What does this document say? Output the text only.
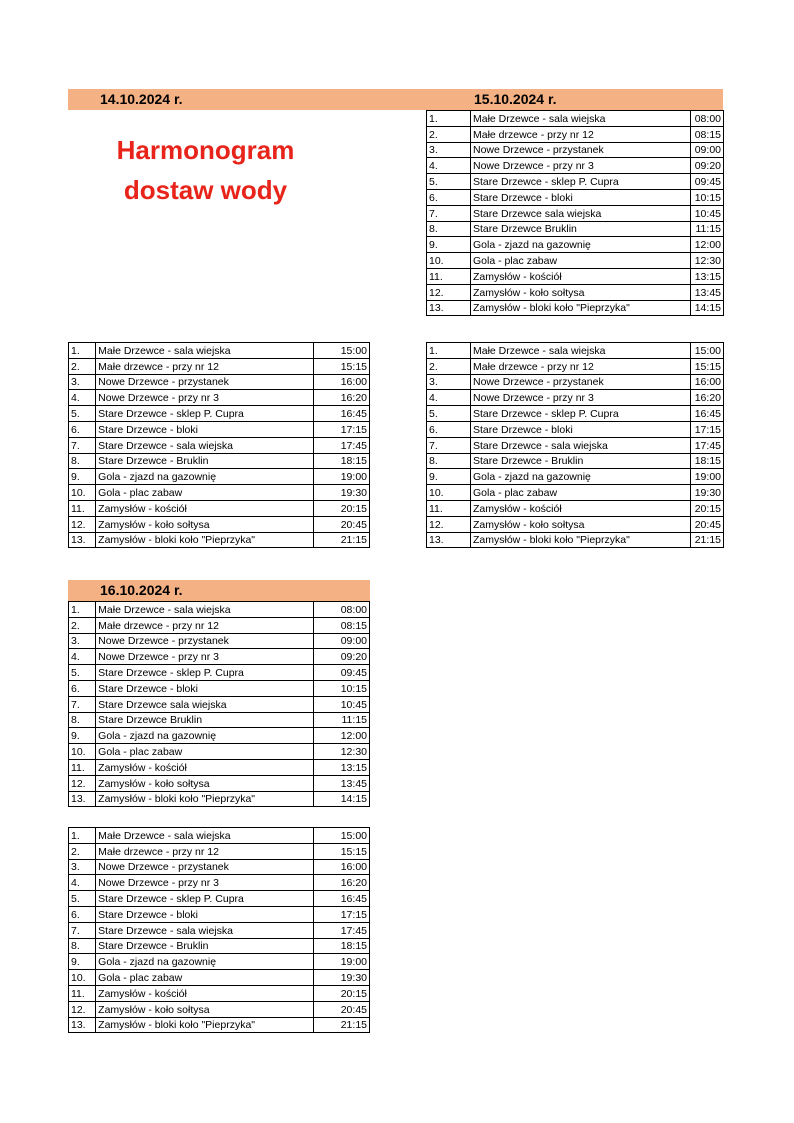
14.10.2024 r.	15.10.2024 r.
Harmonogram
dostaw wody
1.	Małe Drzewce - sala wiejska	08:00
2.	Małe drzewce - przy nr 12	08:15
3.	Nowe Drzewce - przystanek	09:00
4.	Nowe Drzewce - przy nr 3	09:20
5.	Stare Drzewce - sklep P. Cupra	09:45
6.	Stare Drzewce - bloki	10:15
7.	Stare Drzewce sala wiejska	10:45
8.	Stare Drzewce Bruklin	11:15
9.	Gola - zjazd na gazownię	12:00
10.	Gola - plac zabaw	12:30
11.	Zamysłów - kościół	13:15
12.	Zamysłów - koło sołtysa	13:45
13.	Zamysłów - bloki koło "Pieprzyka"	14:15
1.	Małe Drzewce - sala wiejska	15:00
2.	Małe drzewce - przy nr 12	15:15
3.	Nowe Drzewce - przystanek	16:00
4.	Nowe Drzewce - przy nr 3	16:20
5.	Stare Drzewce - sklep P. Cupra	16:45
6.	Stare Drzewce - bloki	17:15
7.	Stare Drzewce - sala wiejska	17:45
8.	Stare Drzewce - Bruklin	18:15
9.	Gola - zjazd na gazownię	19:00
10.	Gola - plac zabaw	19:30
11.	Zamysłów - kościół	20:15
12.	Zamysłów - koło sołtysa	20:45
13.	Zamysłów - bloki koło "Pieprzyka"	21:15
1.	Małe Drzewce - sala wiejska	15:00
2.	Małe drzewce - przy nr 12	15:15
3.	Nowe Drzewce - przystanek	16:00
4.	Nowe Drzewce - przy nr 3	16:20
5.	Stare Drzewce - sklep P. Cupra	16:45
6.	Stare Drzewce - bloki	17:15
7.	Stare Drzewce - sala wiejska	17:45
8.	Stare Drzewce - Bruklin	18:15
9.	Gola - zjazd na gazownię	19:00
10.	Gola - plac zabaw	19:30
11.	Zamysłów - kościół	20:15
12.	Zamysłów - koło sołtysa	20:45
13.	Zamysłów - bloki koło "Pieprzyka"	21:15
16.10.2024 r.
1.	Małe Drzewce - sala wiejska	08:00
2.	Małe drzewce - przy nr 12	08:15
3.	Nowe Drzewce - przystanek	09:00
4.	Nowe Drzewce - przy nr 3	09:20
5.	Stare Drzewce - sklep P. Cupra	09:45
6.	Stare Drzewce - bloki	10:15
7.	Stare Drzewce sala wiejska	10:45
8.	Stare Drzewce Bruklin	11:15
9.	Gola - zjazd na gazownię	12:00
10.	Gola - plac zabaw	12:30
11.	Zamysłów - kościół	13:15
12.	Zamysłów - koło sołtysa	13:45
13.	Zamysłów - bloki koło "Pieprzyka"	14:15
1.	Małe Drzewce - sala wiejska	15:00
2.	Małe drzewce - przy nr 12	15:15
3.	Nowe Drzewce - przystanek	16:00
4.	Nowe Drzewce - przy nr 3	16:20
5.	Stare Drzewce - sklep P. Cupra	16:45
6.	Stare Drzewce - bloki	17:15
7.	Stare Drzewce - sala wiejska	17:45
8.	Stare Drzewce - Bruklin	18:15
9.	Gola - zjazd na gazownię	19:00
10.	Gola - plac zabaw	19:30
11.	Zamysłów - kościół	20:15
12.	Zamysłów - koło sołtysa	20:45
13.	Zamysłów - bloki koło "Pieprzyka"	21:15
